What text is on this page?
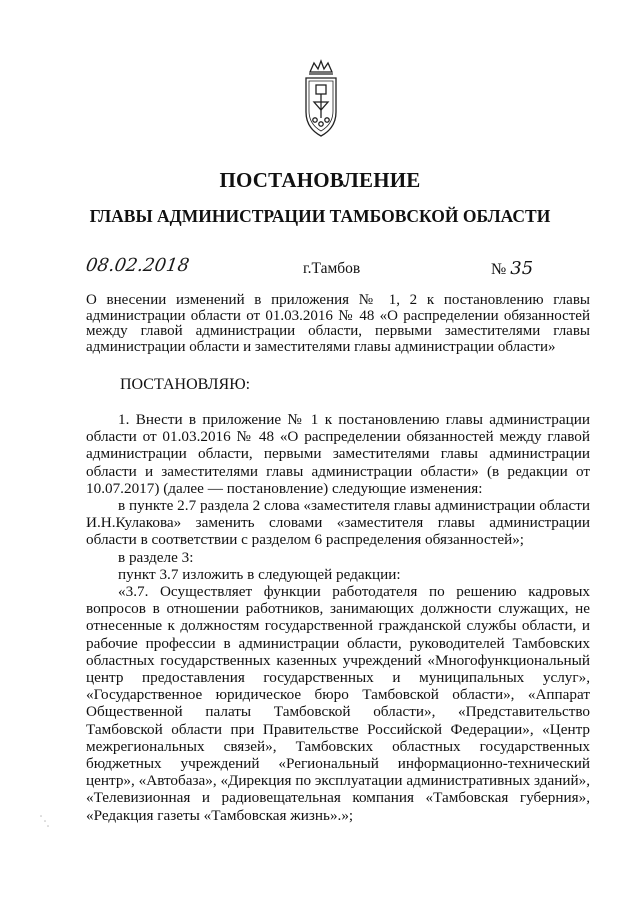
ПОСТАНОВЛЕНИЕ
ГЛАВЫ АДМИНИСТРАЦИИ ТАМБОВСКОЙ ОБЛАСТИ
08.02.2018	г.Тамбов	№ 35
О внесении изменений в приложения № 1, 2 к постановлению главы администрации области от 01.03.2016 № 48 «О распределении обязанностей между главой администрации области, первыми заместителями главы администрации области и заместителями главы администрации области»
ПОСТАНОВЛЯЮ:

1. Внести в приложение № 1 к постановлению главы администрации области от 01.03.2016 № 48 «О распределении обязанностей между главой администрации области, первыми заместителями главы администрации области и заместителями главы администрации области» (в редакции от 10.07.2017) (далее — постановление) следующие изменения:

в пункте 2.7 раздела 2 слова «заместителя главы администрации области И.Н.Кулакова» заменить словами «заместителя главы администрации области в соответствии с разделом 6 распределения обязанностей»;

в разделе 3:

пункт 3.7 изложить в следующей редакции:

«3.7. Осуществляет функции работодателя по решению кадровых вопросов в отношении работников, занимающих должности служащих, не отнесенные к должностям государственной гражданской службы области, и рабочие профессии в администрации области, руководителей Тамбовских областных государственных казенных учреждений «Многофункциональный центр предоставления государственных и муниципальных услуг», «Государственное юридическое бюро Тамбовской области», «Аппарат Общественной палаты Тамбовской области», «Представительство Тамбовской области при Правительстве Российской Федерации», «Центр межрегиональных связей», Тамбовских областных государственных бюджетных учреждений «Региональный информационно-технический центр», «Автобаза», «Дирекция по эксплуатации административных зданий», «Телевизионная и радиовещательная компания «Тамбовская губерния», «Редакция газеты «Тамбовская жизнь».»;
